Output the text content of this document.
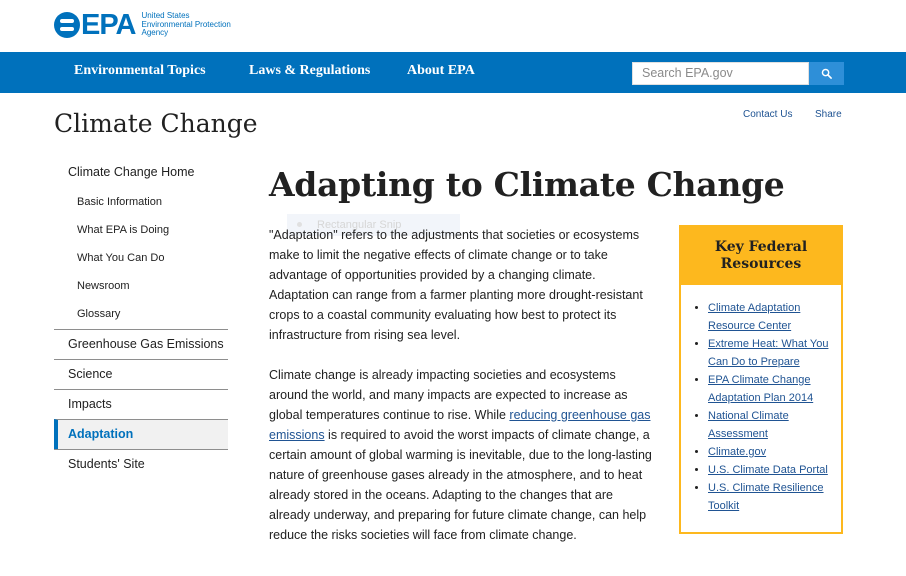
EPA United States
Environmental Protection
Agency
Environmental Topics	Laws & Regulations	About EPA	Search EPA.gov
Climate Change	Contact Us Share
Climate Change Home
Basic Information
What EPA is Doing
What You Can Do
Newsroom
Glossary
Greenhouse Gas Emissions
Science
Impacts
Adaptation
Students' Site
Adapting to Climate Change
Rectangular Snip

"Adaptation" refers to the adjustments that societies or ecosystems make to limit the negative effects of climate change or to take advantage of opportunities provided by a changing climate. Adaptation can range from a farmer planting more drought-resistant crops to a coastal community evaluating how best to protect its infrastructure from rising sea level.

Climate change is already impacting societies and ecosystems around the world, and many impacts are expected to increase as global temperatures continue to rise. While reducing greenhouse gas emissions is required to avoid the worst impacts of climate change, a certain amount of global warming is inevitable, due to the long-lasting nature of greenhouse gases already in the atmosphere, and to heat already stored in the oceans. Adapting to the changes that are already underway, and preparing for future climate change, can help reduce the risks societies will face from climate change.

Key Federal Resources
• Climate Adaptation Resource Center
• Extreme Heat: What You Can Do to Prepare
• EPA Climate Change Adaptation Plan 2014
• National Climate Assessment
• Climate.gov
• U.S. Climate Data Portal
• U.S. Climate Resilience Toolkit
